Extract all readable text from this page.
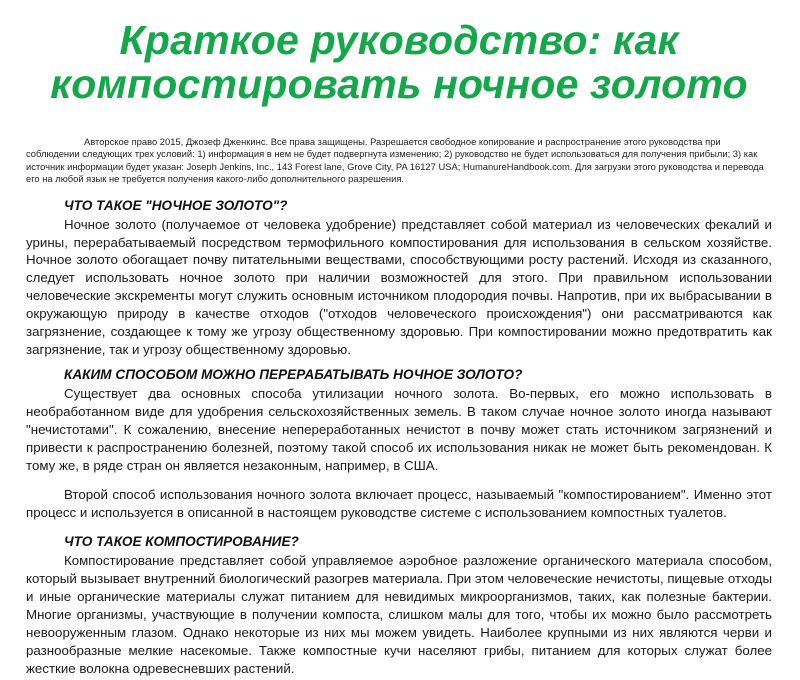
Краткое руководство: как
компостировать ночное золото

Авторское право 2015, Джозеф Дженкинс. Все права защищены. Разрешается свободное копирование и распространение этого руководства при соблюдении следующих трех условий: 1) информация в нем не будет подвергнута изменению; 2) руководство не будет использоваться для получения прибыли; 3) как источник информации будет указан: Joseph Jenkins, Inc., 143 Forest lane, Grove City, PA 16127 USA; HumanureHandbook.com. Для загрузки этого руководства и перевода его на любой язык не требуется получения какого-либо дополнительного разрешения.

ЧТО ТАКОЕ "НОЧНОЕ ЗОЛОТО"?

Ночное золото (получаемое от человека удобрение) представляет собой материал из человеческих фекалий и урины, перерабатываемый посредством термофильного компостирования для использования в сельском хозяйстве. Ночное золото обогащает почву питательными веществами, способствующими росту растений. Исходя из сказанного, следует использовать ночное золото при наличии возможностей для этого. При правильном использовании человеческие экскременты могут служить основным источником плодородия почвы. Напротив, при их выбрасывании в окружающую природу в качестве отходов ("отходов человеческого происхождения") они рассматриваются как загрязнение, создающее к тому же угрозу общественному здоровью. При компостировании можно предотвратить как загрязнение, так и угрозу общественному здоровью.

КАКИМ СПОСОБОМ МОЖНО ПЕРЕРАБАТЫВАТЬ НОЧНОЕ ЗОЛОТО?

Существует два основных способа утилизации ночного золота. Во-первых, его можно использовать в необработанном виде для удобрения сельскохозяйственных земель. В таком случае ночное золото иногда называют "нечистотами". К сожалению, внесение непереработанных нечистот в почву может стать источником загрязнений и привести к распространению болезней, поэтому такой способ их использования никак не может быть рекомендован. К тому же, в ряде стран он является незаконным, например, в США.

Второй способ использования ночного золота включает процесс, называемый "компостированием". Именно этот процесс и используется в описанной в настоящем руководстве системе с использованием компостных туалетов.

ЧТО ТАКОЕ КОМПОСТИРОВАНИЕ?

Компостирование представляет собой управляемое аэробное разложение органического материала способом, который вызывает внутренний биологический разогрев материала. При этом человеческие нечистоты, пищевые отходы и иные органические материалы служат питанием для невидимых микроорганизмов, таких, как полезные бактерии. Многие организмы, участвующие в получении компоста, слишком малы для того, чтобы их можно было рассмотреть невооруженным глазом. Однако некоторые из них мы можем увидеть. Наиболее крупными из них являются черви и разнообразные мелкие насекомые. Также компостные кучи населяют грибы, питанием для которых служат более жесткие волокна одревесневших растений.
